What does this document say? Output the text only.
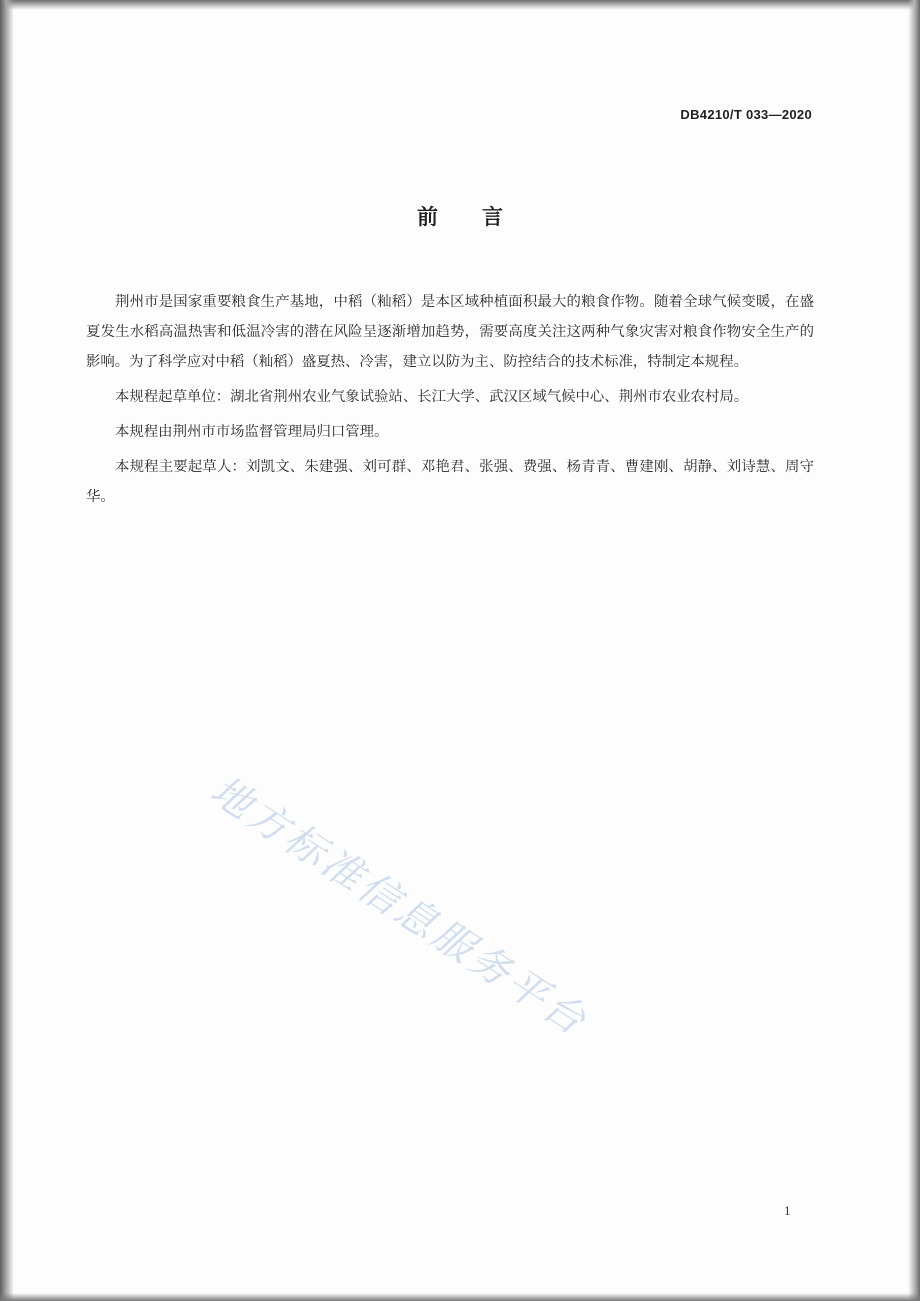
DB4210/T 033—2020
前言

荆州市是国家重要粮食生产基地，中稻（籼稻）是本区域种植面积最大的粮食作物。随着全球气候变暖，在盛夏发生水稻高温热害和低温冷害的潜在风险呈逐渐增加趋势，需要高度关注这两种气象灾害对粮食作物安全生产的影响。为了科学应对中稻（籼稻）盛夏热、冷害，建立以防为主、防控结合的技术标准，特制定本规程。

本规程起草单位：湖北省荆州农业气象试验站、长江大学、武汉区域气候中心、荆州市农业农村局。

本规程由荆州市市场监督管理局归口管理。

本规程主要起草人：刘凯文、朱建强、刘可群、邓艳君、张强、费强、杨青青、曹建刚、胡静、刘诗慧、周守华。

地方标准信息服务平台
1
